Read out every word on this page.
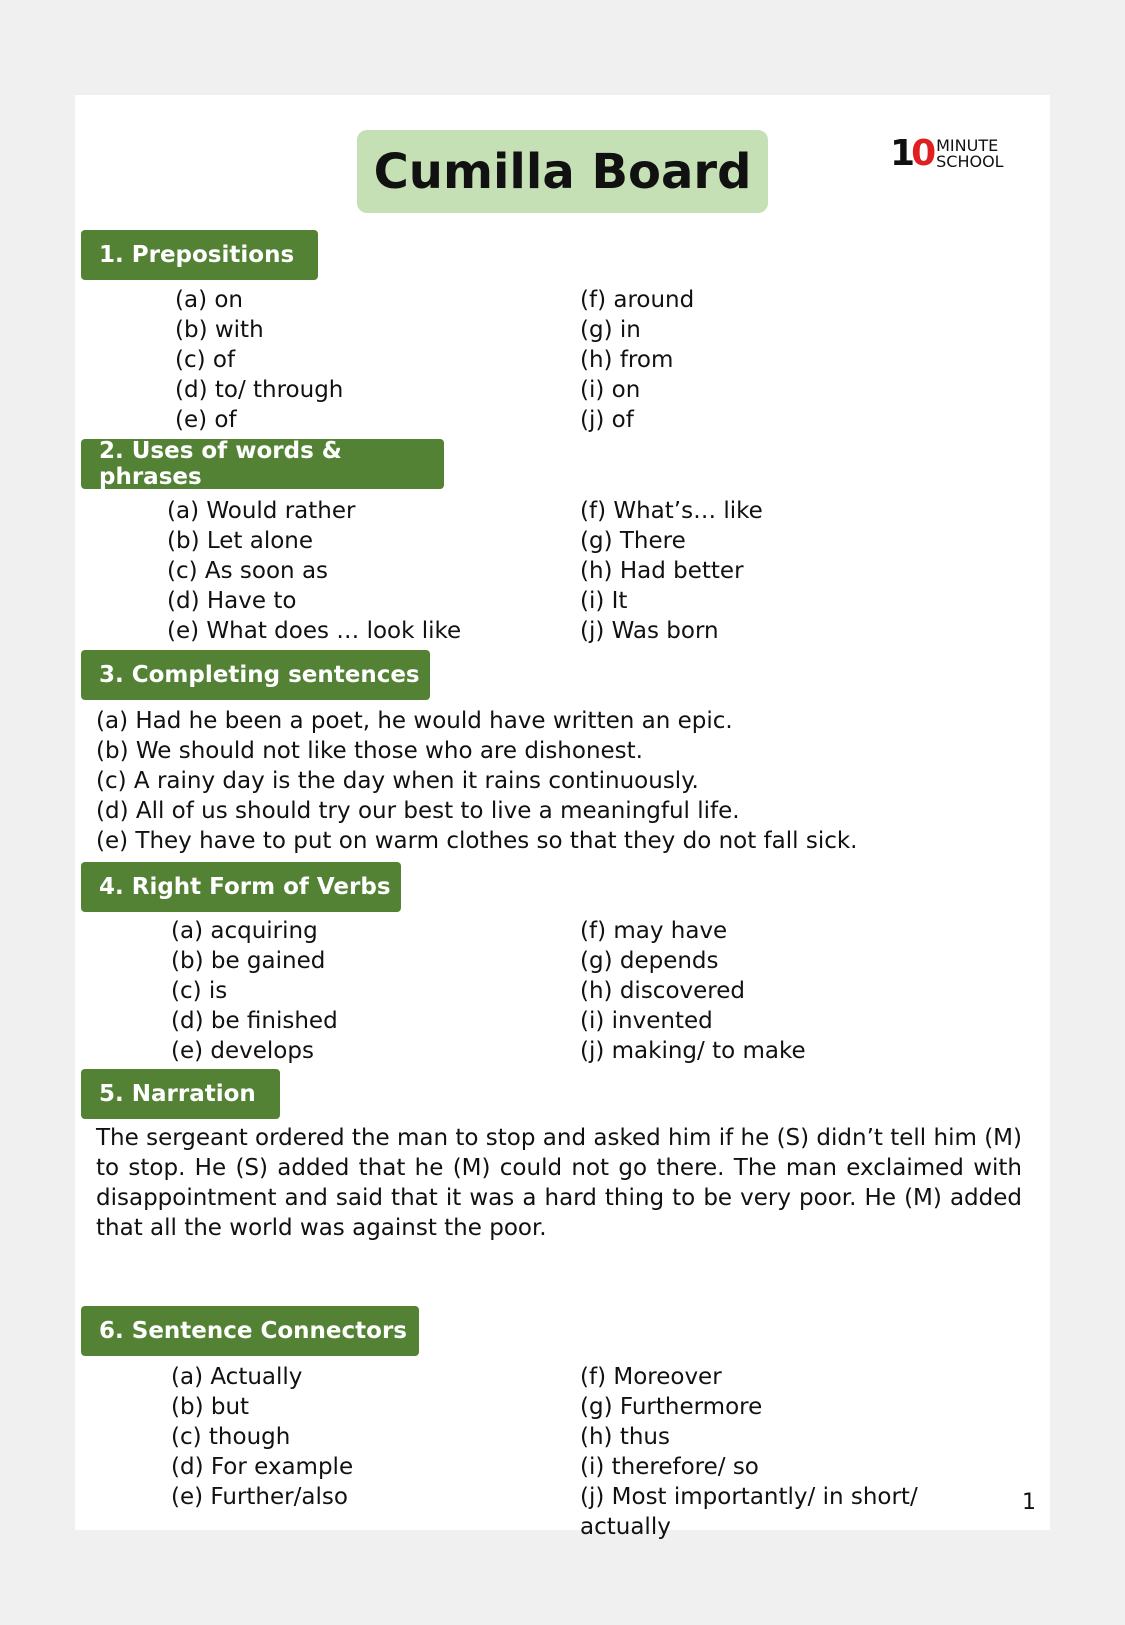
Cumilla Board	10 MINUTE
SCHOOL
1. Prepositions
(a) on
(b) with
(c) of
(d) to/ through
(e) of
(f) around
(g) in
(h) from
(i) on
(j) of
2. Uses of words & phrases
(a) Would rather
(b) Let alone
(c) As soon as
(d) Have to
(e) What does … look like
(f) What’s… like
(g) There
(h) Had better
(i) It
(j) Was born
3. Completing sentences
(a) Had he been a poet, he would have written an epic.
(b) We should not like those who are dishonest.
(c) A rainy day is the day when it rains continuously.
(d) All of us should try our best to live a meaningful life.
(e) They have to put on warm clothes so that they do not fall sick.
4. Right Form of Verbs
(a) acquiring
(b) be gained
(c) is
(d) be finished
(e) develops
(f) may have
(g) depends
(h) discovered
(i) invented
(j) making/ to make
5. Narration
The sergeant ordered the man to stop and asked him if he (S) didn’t tell him (M) to stop. He (S) added that he (M) could not go there. The man exclaimed with disappointment and said that it was a hard thing to be very poor. He (M) added that all the world was against the poor.
6. Sentence Connectors
(a) Actually
(b) but
(c) though
(d) For example
(e) Further/also
(f) Moreover
(g) Furthermore
(h) thus
(i) therefore/ so
(j) Most importantly/ in short/
actually
1
